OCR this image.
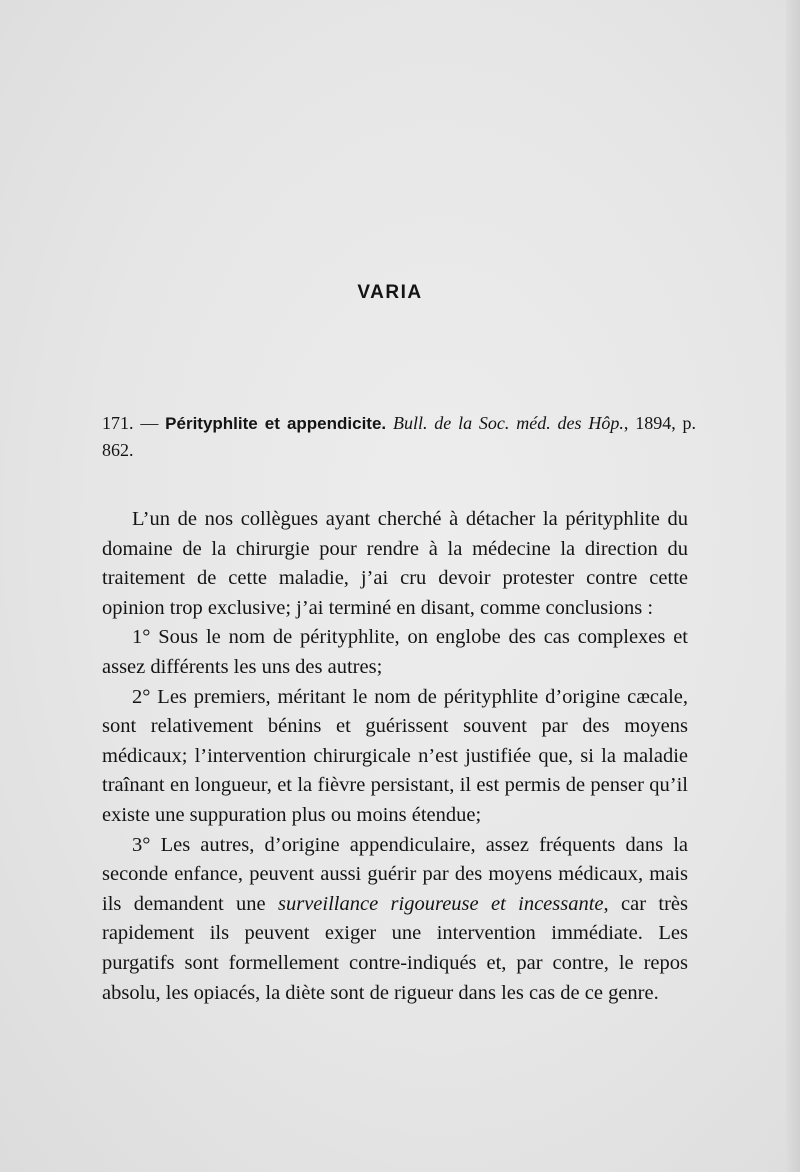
VARIA

171. — Pérityphlite et appendicite. Bull. de la Soc. méd. des Hôp., 1894, p. 862.

L’un de nos collègues ayant cherché à détacher la pérityphlite du domaine de la chirurgie pour rendre à la médecine la direction du traitement de cette maladie, j’ai cru devoir protester contre cette opinion trop exclusive; j’ai terminé en disant, comme conclusions :

1° Sous le nom de pérityphlite, on englobe des cas complexes et assez différents les uns des autres;

2° Les premiers, méritant le nom de pérityphlite d’origine cæcale, sont relativement bénins et guérissent souvent par des moyens médicaux; l’intervention chirurgicale n’est justifiée que, si la maladie traînant en longueur, et la fièvre persistant, il est permis de penser qu’il existe une suppuration plus ou moins étendue;

3° Les autres, d’origine appendiculaire, assez fréquents dans la seconde enfance, peuvent aussi guérir par des moyens médicaux, mais ils demandent une surveillance rigoureuse et incessante, car très rapidement ils peuvent exiger une intervention immédiate. Les purgatifs sont formellement contre-indiqués et, par contre, le repos absolu, les opiacés, la diète sont de rigueur dans les cas de ce genre.
